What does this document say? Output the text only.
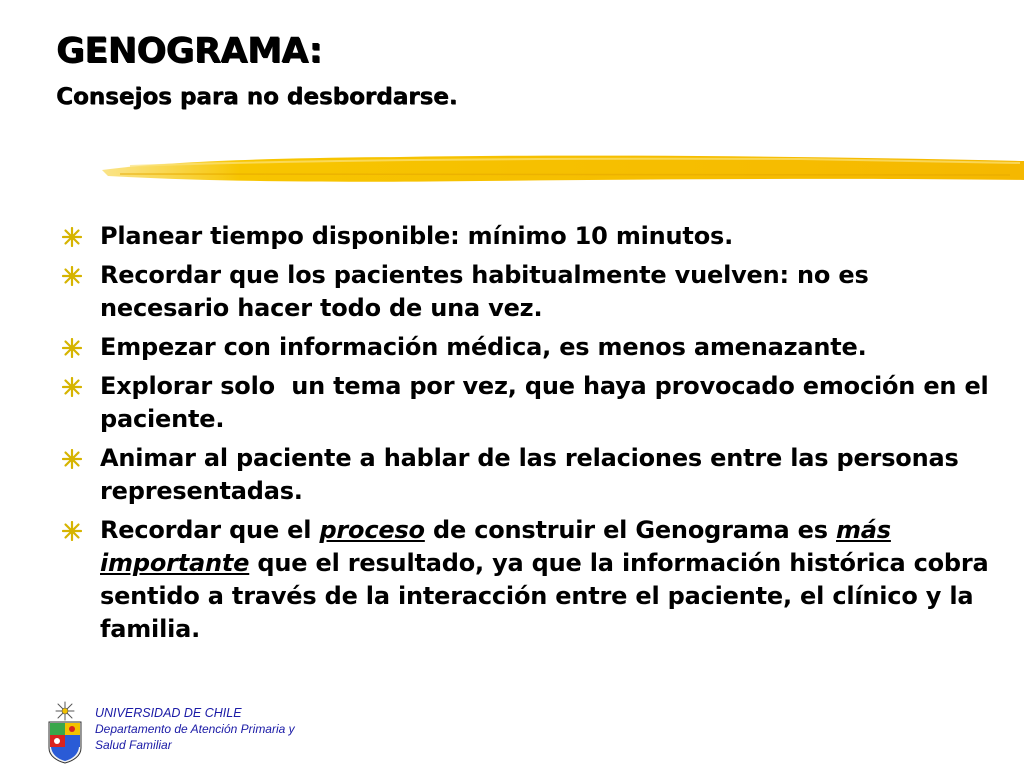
GENOGRAMA:
Consejos para no desbordarse.
Planear tiempo disponible: mínimo 10 minutos.
Recordar que los pacientes habitualmente vuelven: no es necesario hacer todo de una vez.
Empezar con información médica, es menos amenazante.
Explorar solo  un tema por vez, que haya provocado emoción en el paciente.
Animar al paciente a hablar de las relaciones entre las personas representadas.
Recordar que el proceso de construir el Genograma es más importante que el resultado, ya que la información histórica cobra sentido a través de la interacción entre el paciente, el clínico y la familia.
UNIVERSIDAD DE CHILE
Departamento de Atención Primaria y
Salud Familiar
